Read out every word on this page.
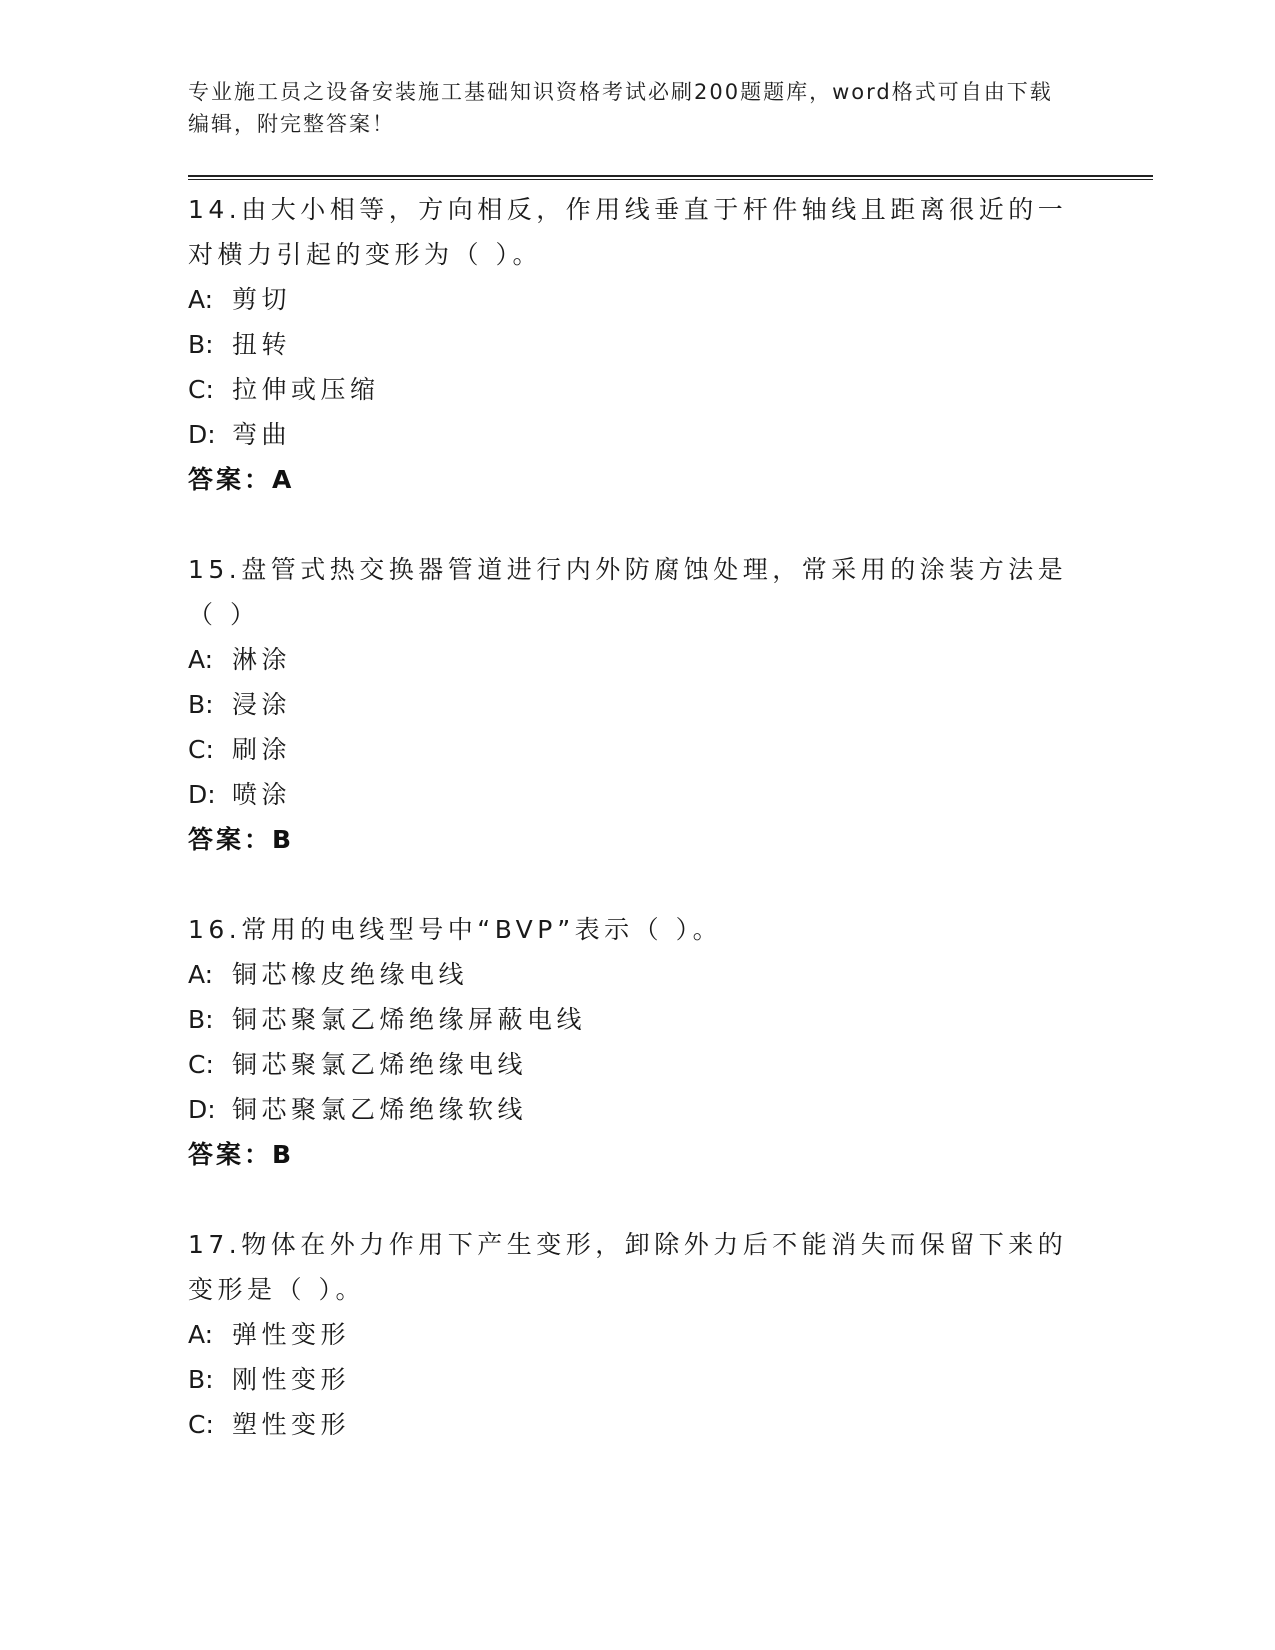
专业施工员之设备安装施工基础知识资格考试必刷200题题库，word格式可自由下载编辑，附完整答案！
14.由大小相等，方向相反，作用线垂直于杆件轴线且距离很近的一对横力引起的变形为（ ）。
A: 剪切
B: 扭转
C: 拉伸或压缩
D: 弯曲
答案：A
15.盘管式热交换器管道进行内外防腐蚀处理，常采用的涂装方法是（ ）
A: 淋涂
B: 浸涂
C: 刷涂
D: 喷涂
答案：B
16.常用的电线型号中“BVP”表示（ ）。
A: 铜芯橡皮绝缘电线
B: 铜芯聚氯乙烯绝缘屏蔽电线
C: 铜芯聚氯乙烯绝缘电线
D: 铜芯聚氯乙烯绝缘软线
答案：B
17.物体在外力作用下产生变形，卸除外力后不能消失而保留下来的变形是（ ）。
A: 弹性变形
B: 刚性变形
C: 塑性变形
